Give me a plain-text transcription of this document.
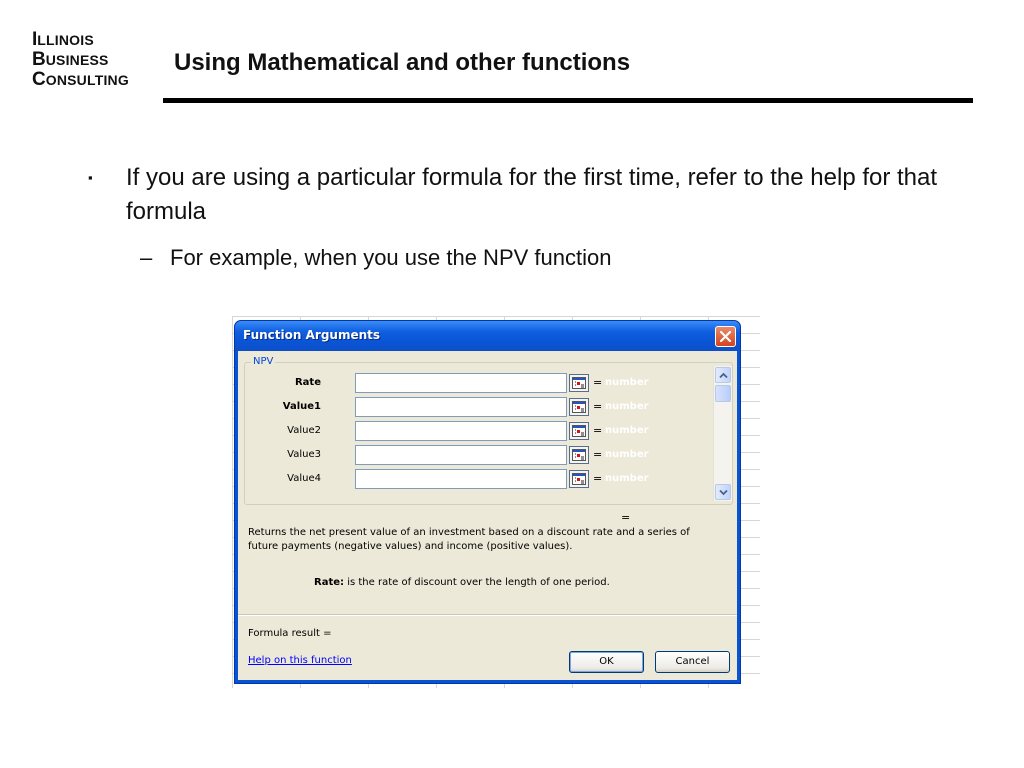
ILLINOIS
BUSINESS
CONSULTING
Using Mathematical and other functions
▪ If you are using a particular formula for the first time, refer to the help for that formula
– For example, when you use the NPV function
Function Arguments
NPV
Rate	= number
Value1	= number
Value2	= number
Value3	= number
Value4	= number
=
Returns the net present value of an investment based on a discount rate and a series of future payments (negative values) and income (positive values).
Rate: is the rate of discount over the length of one period.
Formula result =
Help on this function	OK	Cancel
